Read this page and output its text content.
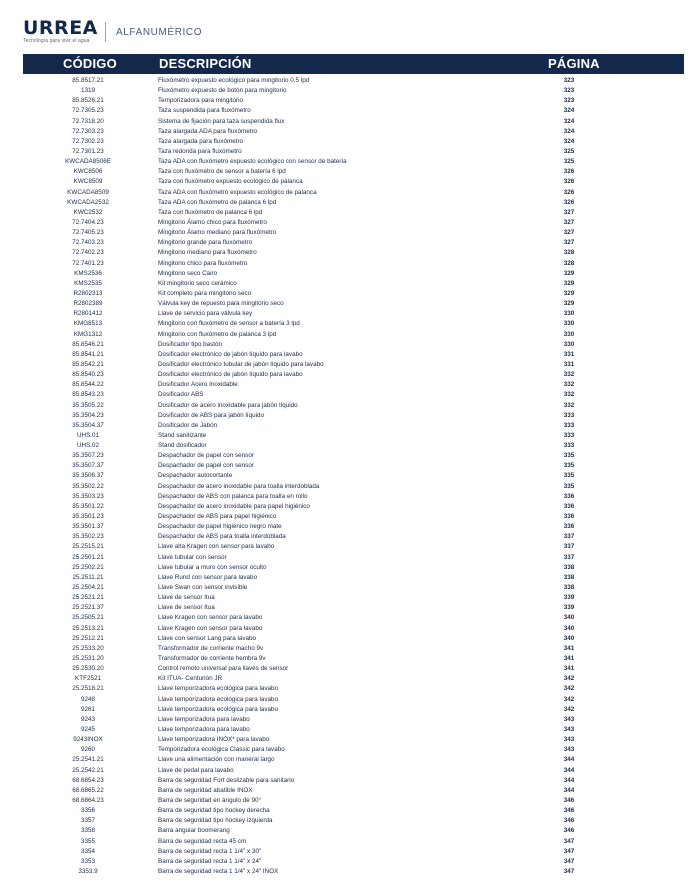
URREA
Tecnología para vivir el agua
ALFANUMÉRICO
CÓDIGO	DESCRIPCIÓN	PÁGINA
85.8517.21	Fluxómetro expuesto ecológico para mingitorio 0.5 lpd	323
1319	Fluxómetro expuesto de botón para mingitorio	323
85.8526.21	Temporizadora para mingitorio	323
72.7305.23	Taza suspendida para fluxómetro	324
72.7318.20	Sistema de fijación para taza suspendida flux	324
72.7303.23	Taza alargada ADA para fluxómetro	324
72.7302.23	Taza alargada para fluxómetro	324
72.7301.23	Taza redonda para fluxómetro	325
KWCADA8506E	Taza ADA con fluxómetro expuesto ecológico con sensor de batería	325
KWC8506	Taza con fluxómetro de sensor a batería 6 lpd	326
KWC8509	Taza con fluxómetro expuesto ecológico de palanca	326
KWCADA8509	Taza ADA con fluxómetro expuesto ecológico de palanca	326
KWCADA2532	Taza ADA con fluxómetro de palanca 6 lpd	326
KWC2532	Taza con fluxómetro de palanca 6 lpd	327
72.7404.23	Mingitorio Álamo chico para fluxómetro	327
72.7405.23	Mingitorio Álamo mediano para fluxómetro	327
72.7403.23	Mingitorio grande para fluxómetro	327
72.7402.23	Mingitorio mediano para fluxómetro	328
72.7401.23	Mingitorio chico para fluxómetro	328
KMS2536	Mingitorio seco Cairo	329
KMS2535	Kit mingitorio seco cerámico	329
R2802313	Kit completo para mingitorio seco	329
R2802389	Válvula key de repuesto para mingitorio seco	329
R2801412	Llave de servicio para válvula key	330
KMG8513	Mingitorio con fluxómetro de sensor a batería 3 lpd	330
KMG1312	Mingitorio con fluxómetro de palanca 3 lpd	330
85.8546.21	Dosificador tipo bastón	330
85.8541.21	Dosificador electrónico de jabón líquido para lavabo	331
85.8542.21	Dosificador electrónico tubular de jabón líquido para lavabo	331
85.8540.23	Dosificador electrónico de jabón líquido para lavabo	332
85.8544.22	Dosificador Acero Inoxidable	332
85.8543.23	Dosificador ABS	332
35.3505.22	Dosificador de acero inoxidable para jabón líquido	332
35.3504.23	Dosificador de ABS para jabón líquido	333
35.3504.37	Dosificador de Jabón	333
UHS.01	Stand sanitizante	333
UHS.02	Stand dosificador	333
35.3507.23	Despachador de papel con sensor	335
35.3507.37	Despachador de papel con sensor	335
35.3506.37	Despachador autocortante	335
35.3502.22	Despachador de acero inoxidable para toalla interdoblada	335
35.3503.23	Despachador de ABS con palanca para toalla en rollo	336
35.3501.22	Despachador de acero inoxidable para papel higiénico	336
35.3501.23	Despachador de ABS para papel higiénico	336
35.3501.37	Despachador de papel higiénico negro mate	336
35.3502.23	Despachador de ABS para toalla interdoblada	337
25.2515.21	Llave alta Kragen con sensor para lavabo	337
25.2501.21	Llave tubular con sensor	337
25.2502.21	Llave tubular a muro con sensor oculto	338
25.2511.21	Llave Rund con sensor para lavabo	338
25.2504.21	Llave Swan con sensor invisible	338
25.2521.21	Llave de sensor Itua	339
25.2521.37	Llave de sensor Itua	339
25.2505.21	Llave Kragen con sensor para lavabo	340
25.2513.21	Llave Kragen con sensor para lavabo	340
25.2512.21	Llave con sensor Lang para lavabo	340
25.2533.20	Transformador de corriente macho 9v	341
25.2531.20	Transformador de corriente hembra 9v	341
25.2530.20	Control remoto universal para llaves de sensor	341
KTF2521	Kit ITUA- Centurión JR	342
25.2518.21	Llave temporizadora ecológica para lavabo	342
9248	Llave temporizadora ecológica para lavabo	342
9261	Llave temporizadora ecológica para lavabo	342
9243	Llave temporizadora para lavabo	343
9245	Llave temporizadora para lavabo	343
9243INOX	Llave temporizadora INOX* para lavabo	343
9260	Temporizadora ecológica Classic para lavabo	343
25.2541.21	Llave una alimentación con maneral largo	344
25.2542.21	Llave de pedal para lavabo	344
68.6854.23	Barra de seguridad Fort deslizable para sanitario	344
68.6865.22	Barra de seguridad abatible INOX	344
68.6864.23	Barra de seguridad en ángulo de 90°	346
3356	Barra de seguridad tipo hockey derecha	346
3357	Barra de seguridad tipo hockey izquierda	346
3358	Barra angular boomerang	346
3355	Barra de seguridad recta 45 cm	347
3354	Barra de seguridad recta 1 1/4" x 30"	347
3353	Barra de seguridad recta 1 1/4" x 24"	347
3353.9	Barra de seguridad recta 1 1/4" x 24" INOX	347
